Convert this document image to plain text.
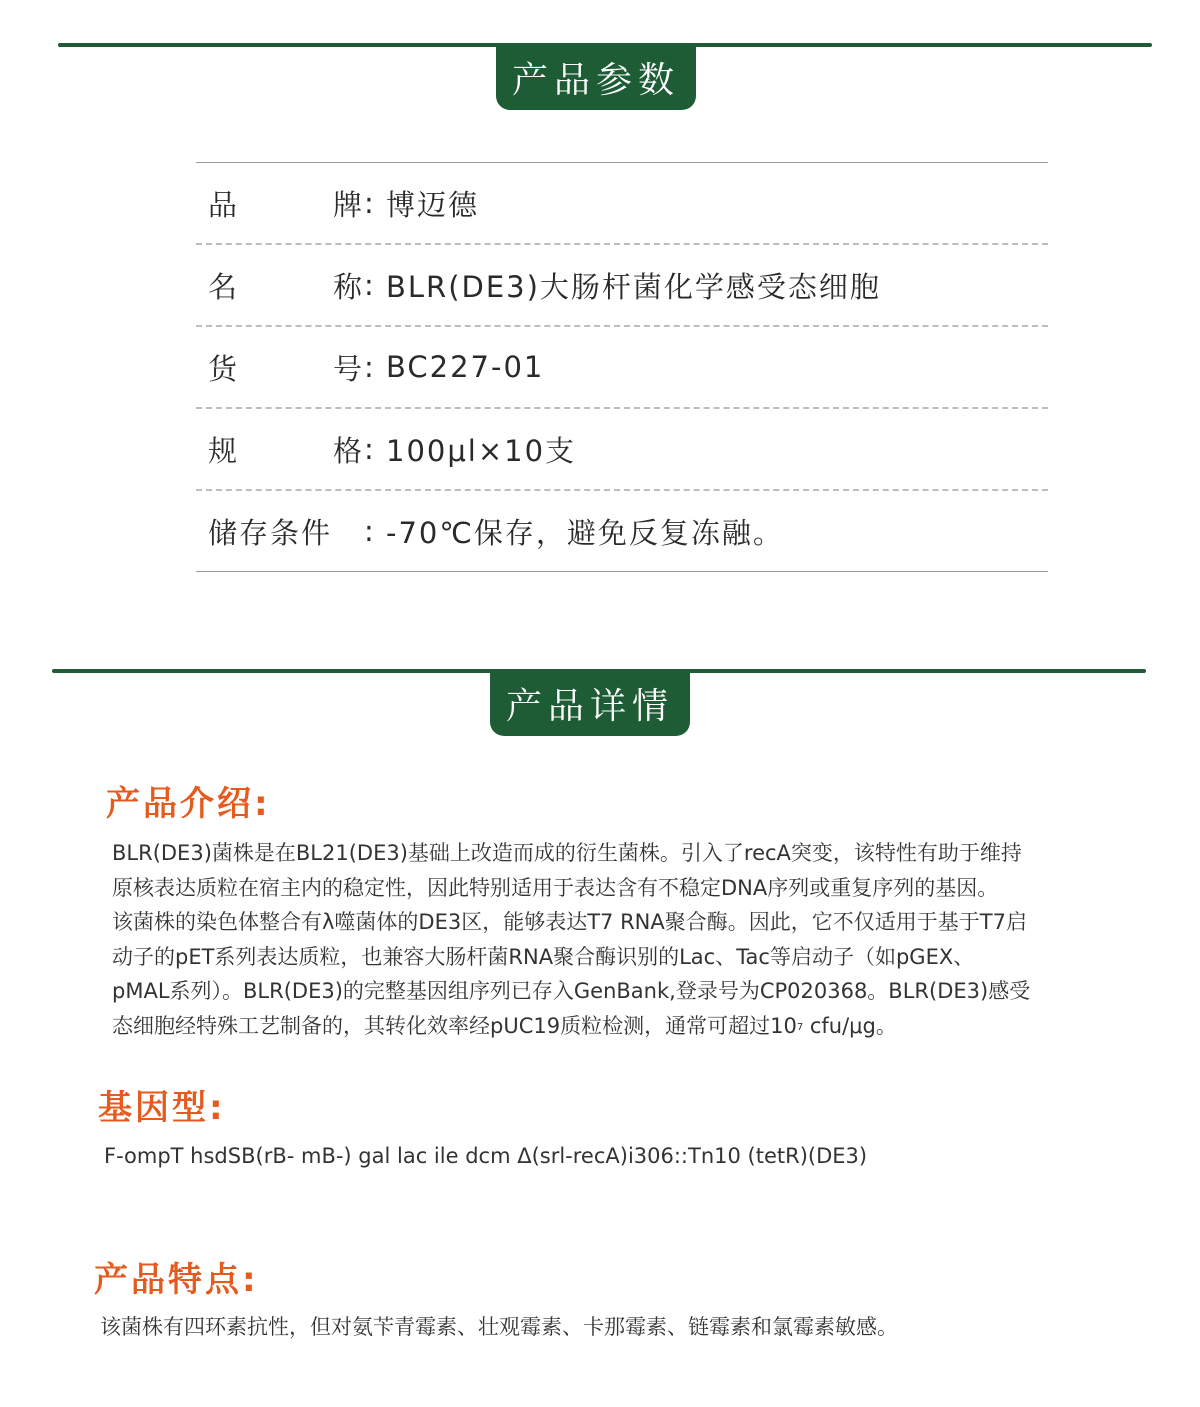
产品参数
品	牌 : 博迈德
名	称 : BLR(DE3)大肠杆菌化学感受态细胞
货	号 : BC227-01
规	格 : 100μl×10支
储存条件	: -70℃保存，避免反复冻融。
产品详情
产品介绍:
BLR(DE3)菌株是在BL21(DE3)基础上改造而成的衍生菌株。引入了recA突变，该特性有助于维持
原核表达质粒在宿主内的稳定性，因此特别适用于表达含有不稳定DNA序列或重复序列的基因。
该菌株的染色体整合有λ噬菌体的DE3区，能够表达T7 RNA聚合酶。因此，它不仅适用于基于T7启
动子的pET系列表达质粒，也兼容大肠杆菌RNA聚合酶识别的Lac、Tac等启动子（如pGEX、
pMAL系列）。BLR(DE3)的完整基因组序列已存入GenBank,登录号为CP020368。BLR(DE3)感受
态细胞经特殊工艺制备的，其转化效率经pUC19质粒检测，通常可超过$10^7$ cfu/μg。
基因型:
F-ompT hsdSB(rB- mB-) gal lac ile dcm Δ(srl-recA)i306::Tn10 (tetR)(DE3)
产品特点:
该菌株有四环素抗性，但对氨苄青霉素、壮观霉素、卡那霉素、链霉素和氯霉素敏感。
